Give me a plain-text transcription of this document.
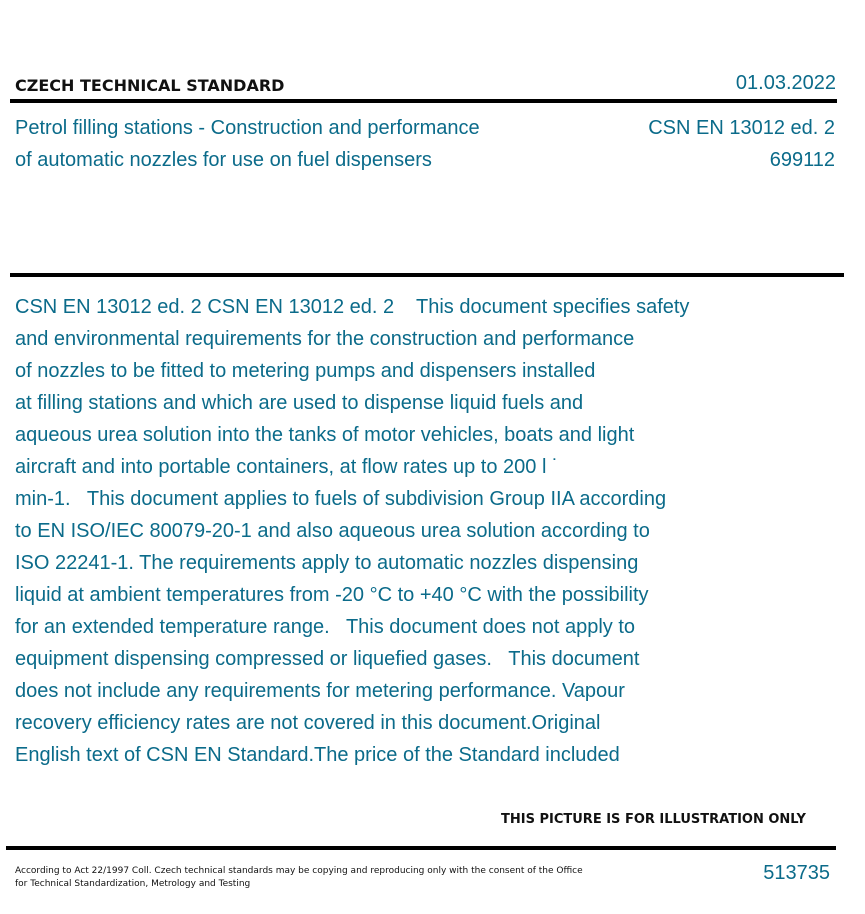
CZECH TECHNICAL STANDARD	01.03.2022
Petrol filling stations - Construction and performance
of automatic nozzles for use on fuel dispensers
CSN EN 13012 ed. 2
699112
CSN EN 13012 ed. 2 CSN EN 13012 ed. 2    This document specifies safety
and environmental requirements for the construction and performance
of nozzles to be fitted to metering pumps and dispensers installed
at filling stations and which are used to dispense liquid fuels and
aqueous urea solution into the tanks of motor vehicles, boats and light
aircraft and into portable containers, at flow rates up to 200 l ˙
min-1.   This document applies to fuels of subdivision Group IIA according
to EN ISO/IEC 80079-20-1 and also aqueous urea solution according to
ISO 22241-1. The requirements apply to automatic nozzles dispensing
liquid at ambient temperatures from -20 °C to +40 °C with the possibility
for an extended temperature range.   This document does not apply to
equipment dispensing compressed or liquefied gases.   This document
does not include any requirements for metering performance. Vapour
recovery efficiency rates are not covered in this document.Original
English text of CSN EN Standard.The price of the Standard included
THIS PICTURE IS FOR ILLUSTRATION ONLY
According to Act 22/1997 Coll. Czech technical standards may be copying and reproducing only with the consent of the Office
for Technical Standardization, Metrology and Testing	513735
